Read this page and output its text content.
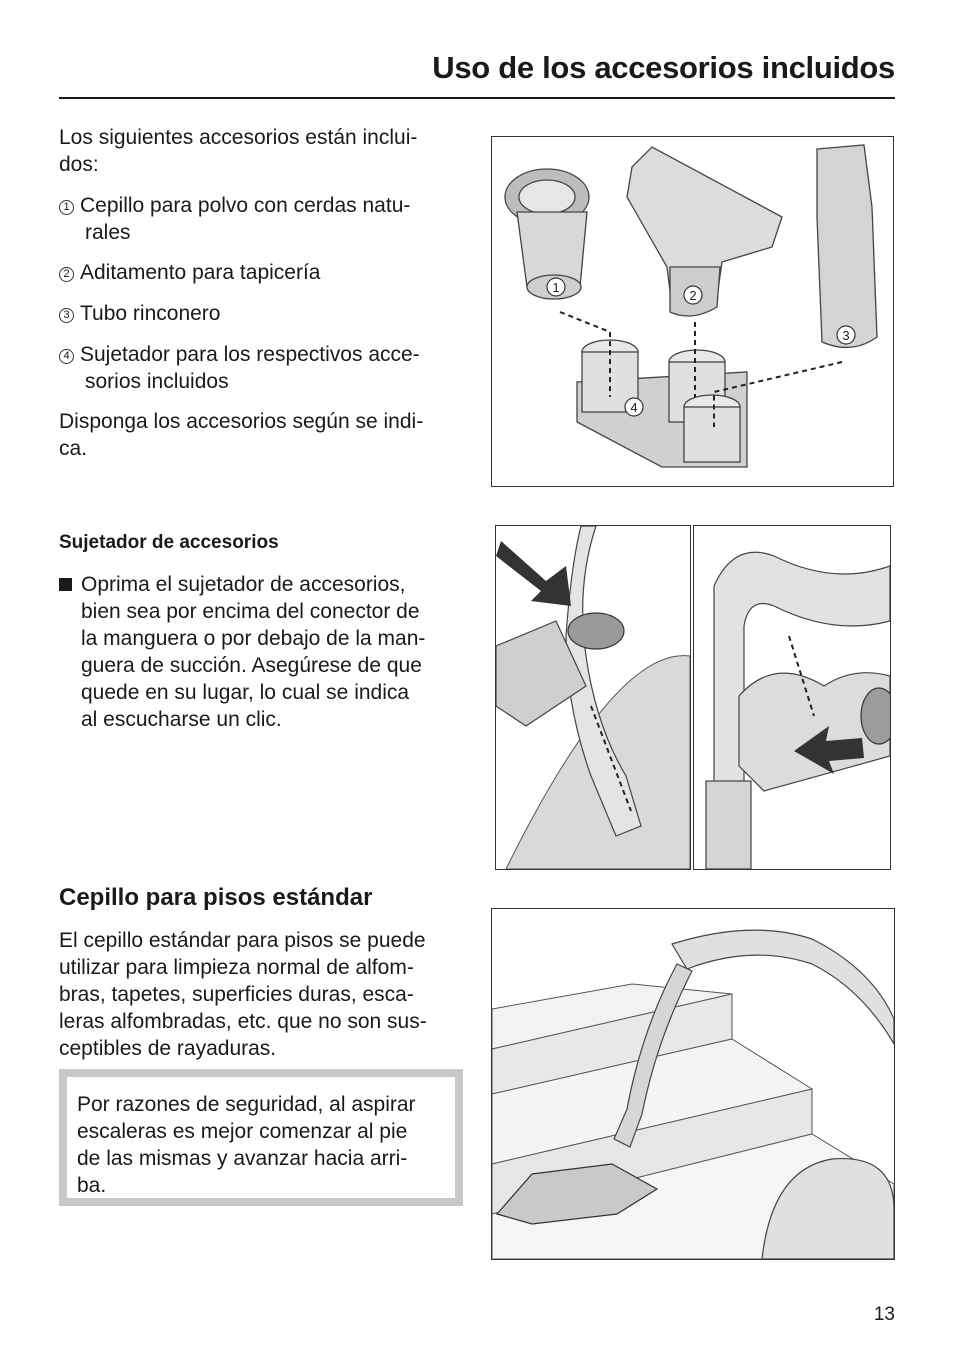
Uso de los accesorios incluidos
Los siguientes accesorios están inclui-
dos:
1 Cepillo para polvo con cerdas natu-
rales
2 Aditamento para tapicería
3 Tubo rinconero
4 Sujetador para los respectivos acce-
sorios incluidos
Disponga los accesorios según se indi-
ca.
1
2
3
4
Sujetador de accesorios
Oprima el sujetador de accesorios,
bien sea por encima del conector de
la manguera o por debajo de la man-
guera de succión. Asegúrese de que
quede en su lugar, lo cual se indica
al escucharse un clic.
Cepillo para pisos estándar
El cepillo estándar para pisos se puede
utilizar para limpieza normal de alfom-
bras, tapetes, superficies duras, esca-
leras alfombradas, etc. que no son sus-
ceptibles de rayaduras.
Por razones de seguridad, al aspirar
escaleras es mejor comenzar al pie
de las mismas y avanzar hacia arri-
ba.
13
